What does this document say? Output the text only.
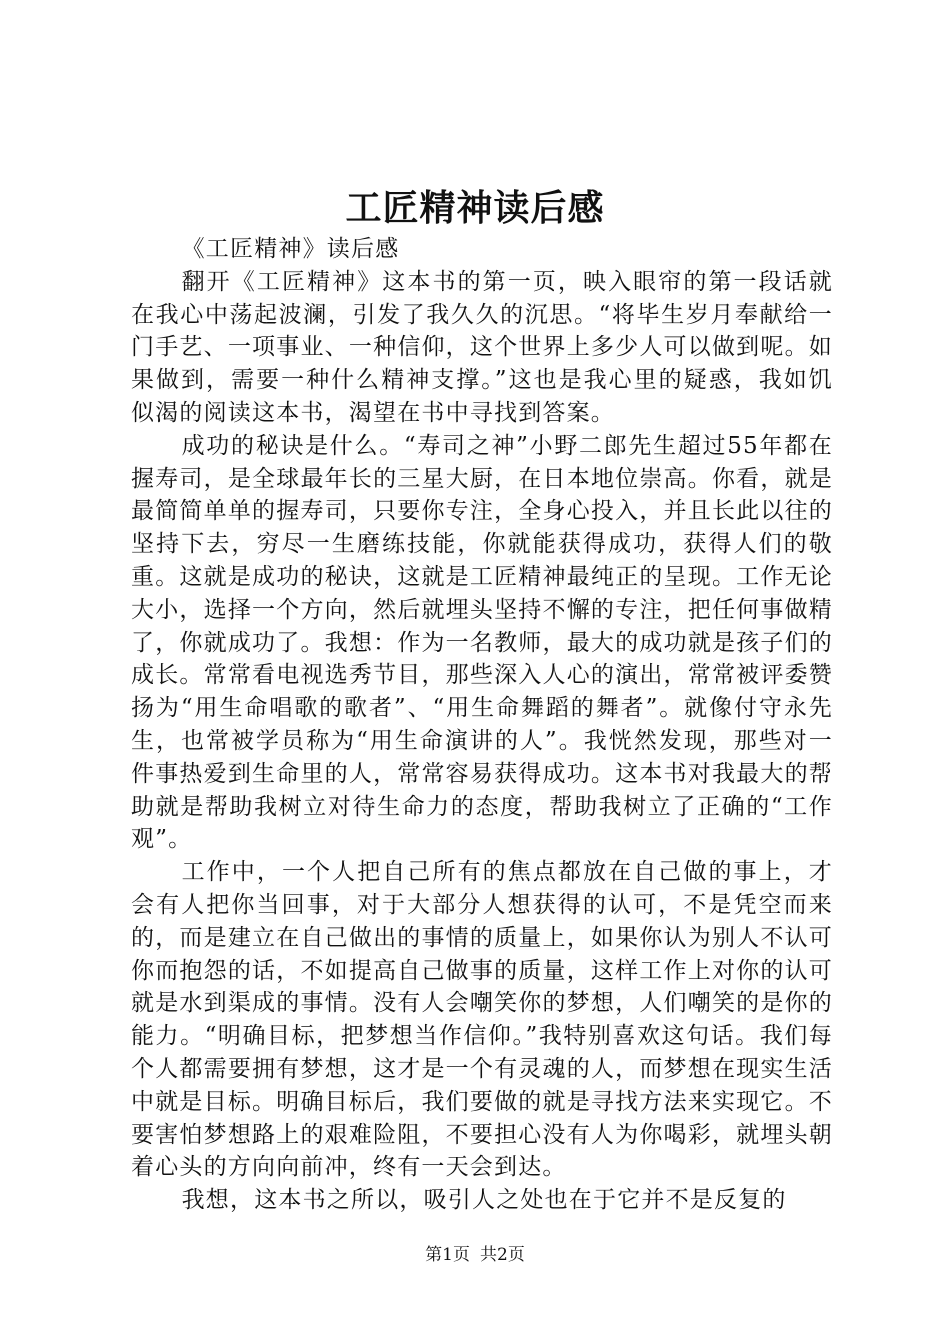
工匠精神读后感

《工匠精神》读后感

翻开《工匠精神》这本书的第一页，映入眼帘的第一段话就在我心中荡起波澜，引发了我久久的沉思。“将毕生岁月奉献给一门手艺、一项事业、一种信仰，这个世界上多少人可以做到呢。如果做到，需要一种什么精神支撑。”这也是我心里的疑惑，我如饥似渴的阅读这本书，渴望在书中寻找到答案。

成功的秘诀是什么。“寿司之神”小野二郎先生超过55年都在握寿司，是全球最年长的三星大厨，在日本地位崇高。你看，就是最简简单单的握寿司，只要你专注，全身心投入，并且长此以往的坚持下去，穷尽一生磨练技能，你就能获得成功，获得人们的敬重。这就是成功的秘诀，这就是工匠精神最纯正的呈现。工作无论大小，选择一个方向，然后就埋头坚持不懈的专注，把任何事做精了，你就成功了。我想：作为一名教师，最大的成功就是孩子们的成长。常常看电视选秀节目，那些深入人心的演出，常常被评委赞扬为“用生命唱歌的歌者”、“用生命舞蹈的舞者”。就像付守永先生，也常被学员称为“用生命演讲的人”。我恍然发现，那些对一件事热爱到生命里的人，常常容易获得成功。这本书对我最大的帮助就是帮助我树立对待生命力的态度，帮助我树立了正确的“工作观”。

工作中，一个人把自己所有的焦点都放在自己做的事上，才会有人把你当回事，对于大部分人想获得的认可，不是凭空而来的，而是建立在自己做出的事情的质量上，如果你认为别人不认可你而抱怨的话，不如提高自己做事的质量，这样工作上对你的认可就是水到渠成的事情。没有人会嘲笑你的梦想，人们嘲笑的是你的能力。“明确目标，把梦想当作信仰。”我特别喜欢这句话。我们每个人都需要拥有梦想，这才是一个有灵魂的人，而梦想在现实生活中就是目标。明确目标后，我们要做的就是寻找方法来实现它。不要害怕梦想路上的艰难险阻，不要担心没有人为你喝彩，就埋头朝着心头的方向向前冲，终有一天会到达。

我想，这本书之所以，吸引人之处也在于它并不是反复的

第1页 共2页
